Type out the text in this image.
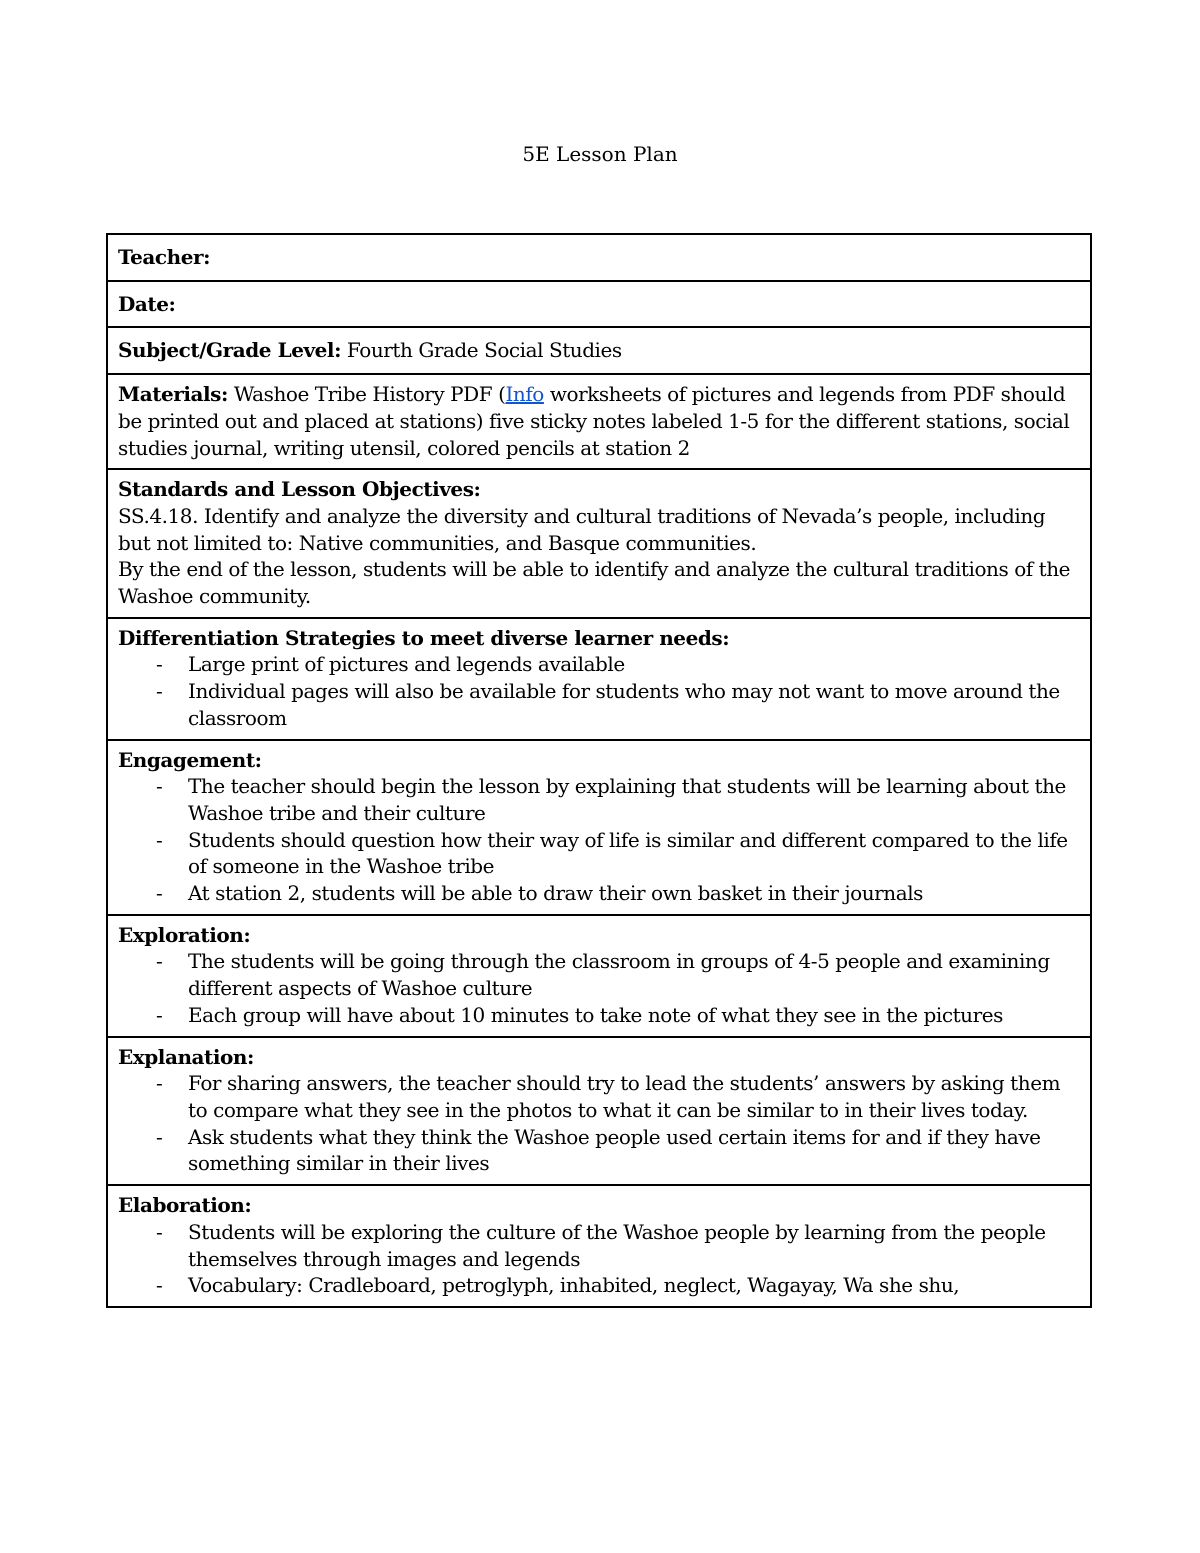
5E Lesson Plan
Teacher:
Date:
Subject/Grade Level: Fourth Grade Social Studies
Materials: Washoe Tribe History PDF (Info worksheets of pictures and legends from PDF should be printed out and placed at stations) five sticky notes labeled 1-5 for the different stations, social studies journal, writing utensil, colored pencils at station 2
Standards and Lesson Objectives:
SS.4.18. Identify and analyze the diversity and cultural traditions of Nevada’s people, including but not limited to: Native communities, and Basque communities.
By the end of the lesson, students will be able to identify and analyze the cultural traditions of the Washoe community.
Differentiation Strategies to meet diverse learner needs:
- Large print of pictures and legends available
- Individual pages will also be available for students who may not want to move around the classroom
Engagement:
- The teacher should begin the lesson by explaining that students will be learning about the Washoe tribe and their culture
- Students should question how their way of life is similar and different compared to the life of someone in the Washoe tribe
- At station 2, students will be able to draw their own basket in their journals
Exploration:
- The students will be going through the classroom in groups of 4-5 people and examining different aspects of Washoe culture
- Each group will have about 10 minutes to take note of what they see in the pictures
Explanation:
- For sharing answers, the teacher should try to lead the students’ answers by asking them to compare what they see in the photos to what it can be similar to in their lives today.
- Ask students what they think the Washoe people used certain items for and if they have something similar in their lives
Elaboration:
- Students will be exploring the culture of the Washoe people by learning from the people themselves through images and legends
- Vocabulary: Cradleboard, petroglyph, inhabited, neglect, Wagayay, Wa she shu,
